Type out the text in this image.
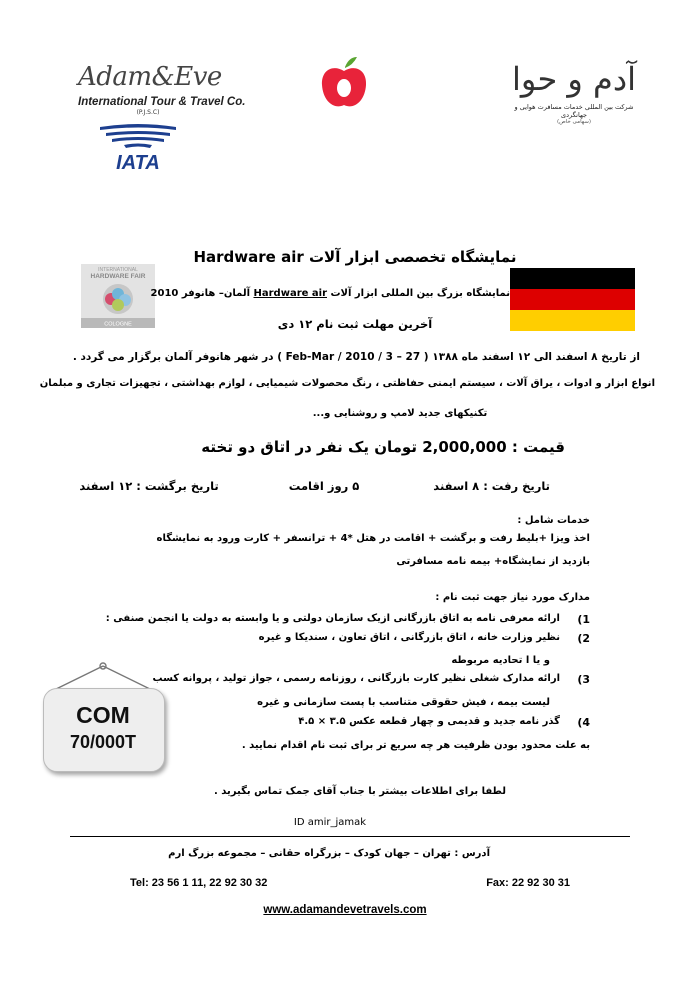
Adam&Eve
International Tour & Travel Co.
(P.J.S.C)
IATA
آدم و حوا
شرکت بین المللی خدمات مسافرت هوایی و جهانگردی
(سهامی خاص)
INTERNATIONAL
HARDWARE FAIR
COLOGNE
نمایشگاه تخصصی ابزار آلات Hardware air
نمایشگاه بزرگ بین المللی ابزار آلات Hardware air آلمان– هانوفر 2010
آخرین مهلت ثبت نام ۱۲ دی
از تاریخ ۸ اسفند الی ۱۲ اسفند ماه ۱۳۸۸ ( 27 – 3 / Feb-Mar / 2010 ) در شهر هانوفر آلمان برگزار می گردد .
انواع ابزار و ادوات ، یراق آلات ، سیستم ایمنی حفاظتی ، رنگ محصولات شیمیایی ، لوازم بهداشتی ، تجهیزات تجاری و مبلمان
تکنیکهای جدید لامپ و روشنایی و...
قیمت : 2,000,000 تومان یک نفر در اتاق دو تخته
تاریخ رفت : ۸ اسفند ۵ روز اقامت تاریخ برگشت : ۱۲ اسفند
خدمات شامل :
اخذ ویزا +بلیط رفت و برگشت + اقامت در هتل *4 + ترانسفر + کارت ورود به نمایشگاه
بازدید از نمایشگاه+ بیمه نامه مسافرتی
مدارک مورد نیاز جهت ثبت نام :
1)
ارائه معرفی نامه به اتاق بازرگانی ازیک سازمان دولتی و یا وابسته به دولت یا انجمن صنفی :
2)
نظیر وزارت خانه ، اتاق بازرگانی ، اتاق تعاون ، سندیکا و غیره
و یا ا تحادیه مربوطه
3)
ارائه مدارک شغلی نظیر کارت بازرگانی ، روزنامه رسمی ، جواز تولید ، پروانه کسب
لیست بیمه ، فیش حقوقی متناسب با پست سازمانی و غیره
4)
گذر نامه جدید و قدیمی و چهار قطعه عکس ۳.۵ × ۴.۵
به علت محدود بودن ظرفیت هر چه سریع تر برای ثبت نام اقدام نمایید .
COM
70/000T
لطفا برای اطلاعات بیشتر با جناب آقای جمک تماس بگیرید .
ID amir_jamak
آدرس : تهران – جهان کودک – بزرگراه حقانی – مجموعه بزرگ ارم
Tel: 23 56 1 11, 22 92 30 32	Fax: 22 92 30 31
www.adamandevetravels.com
